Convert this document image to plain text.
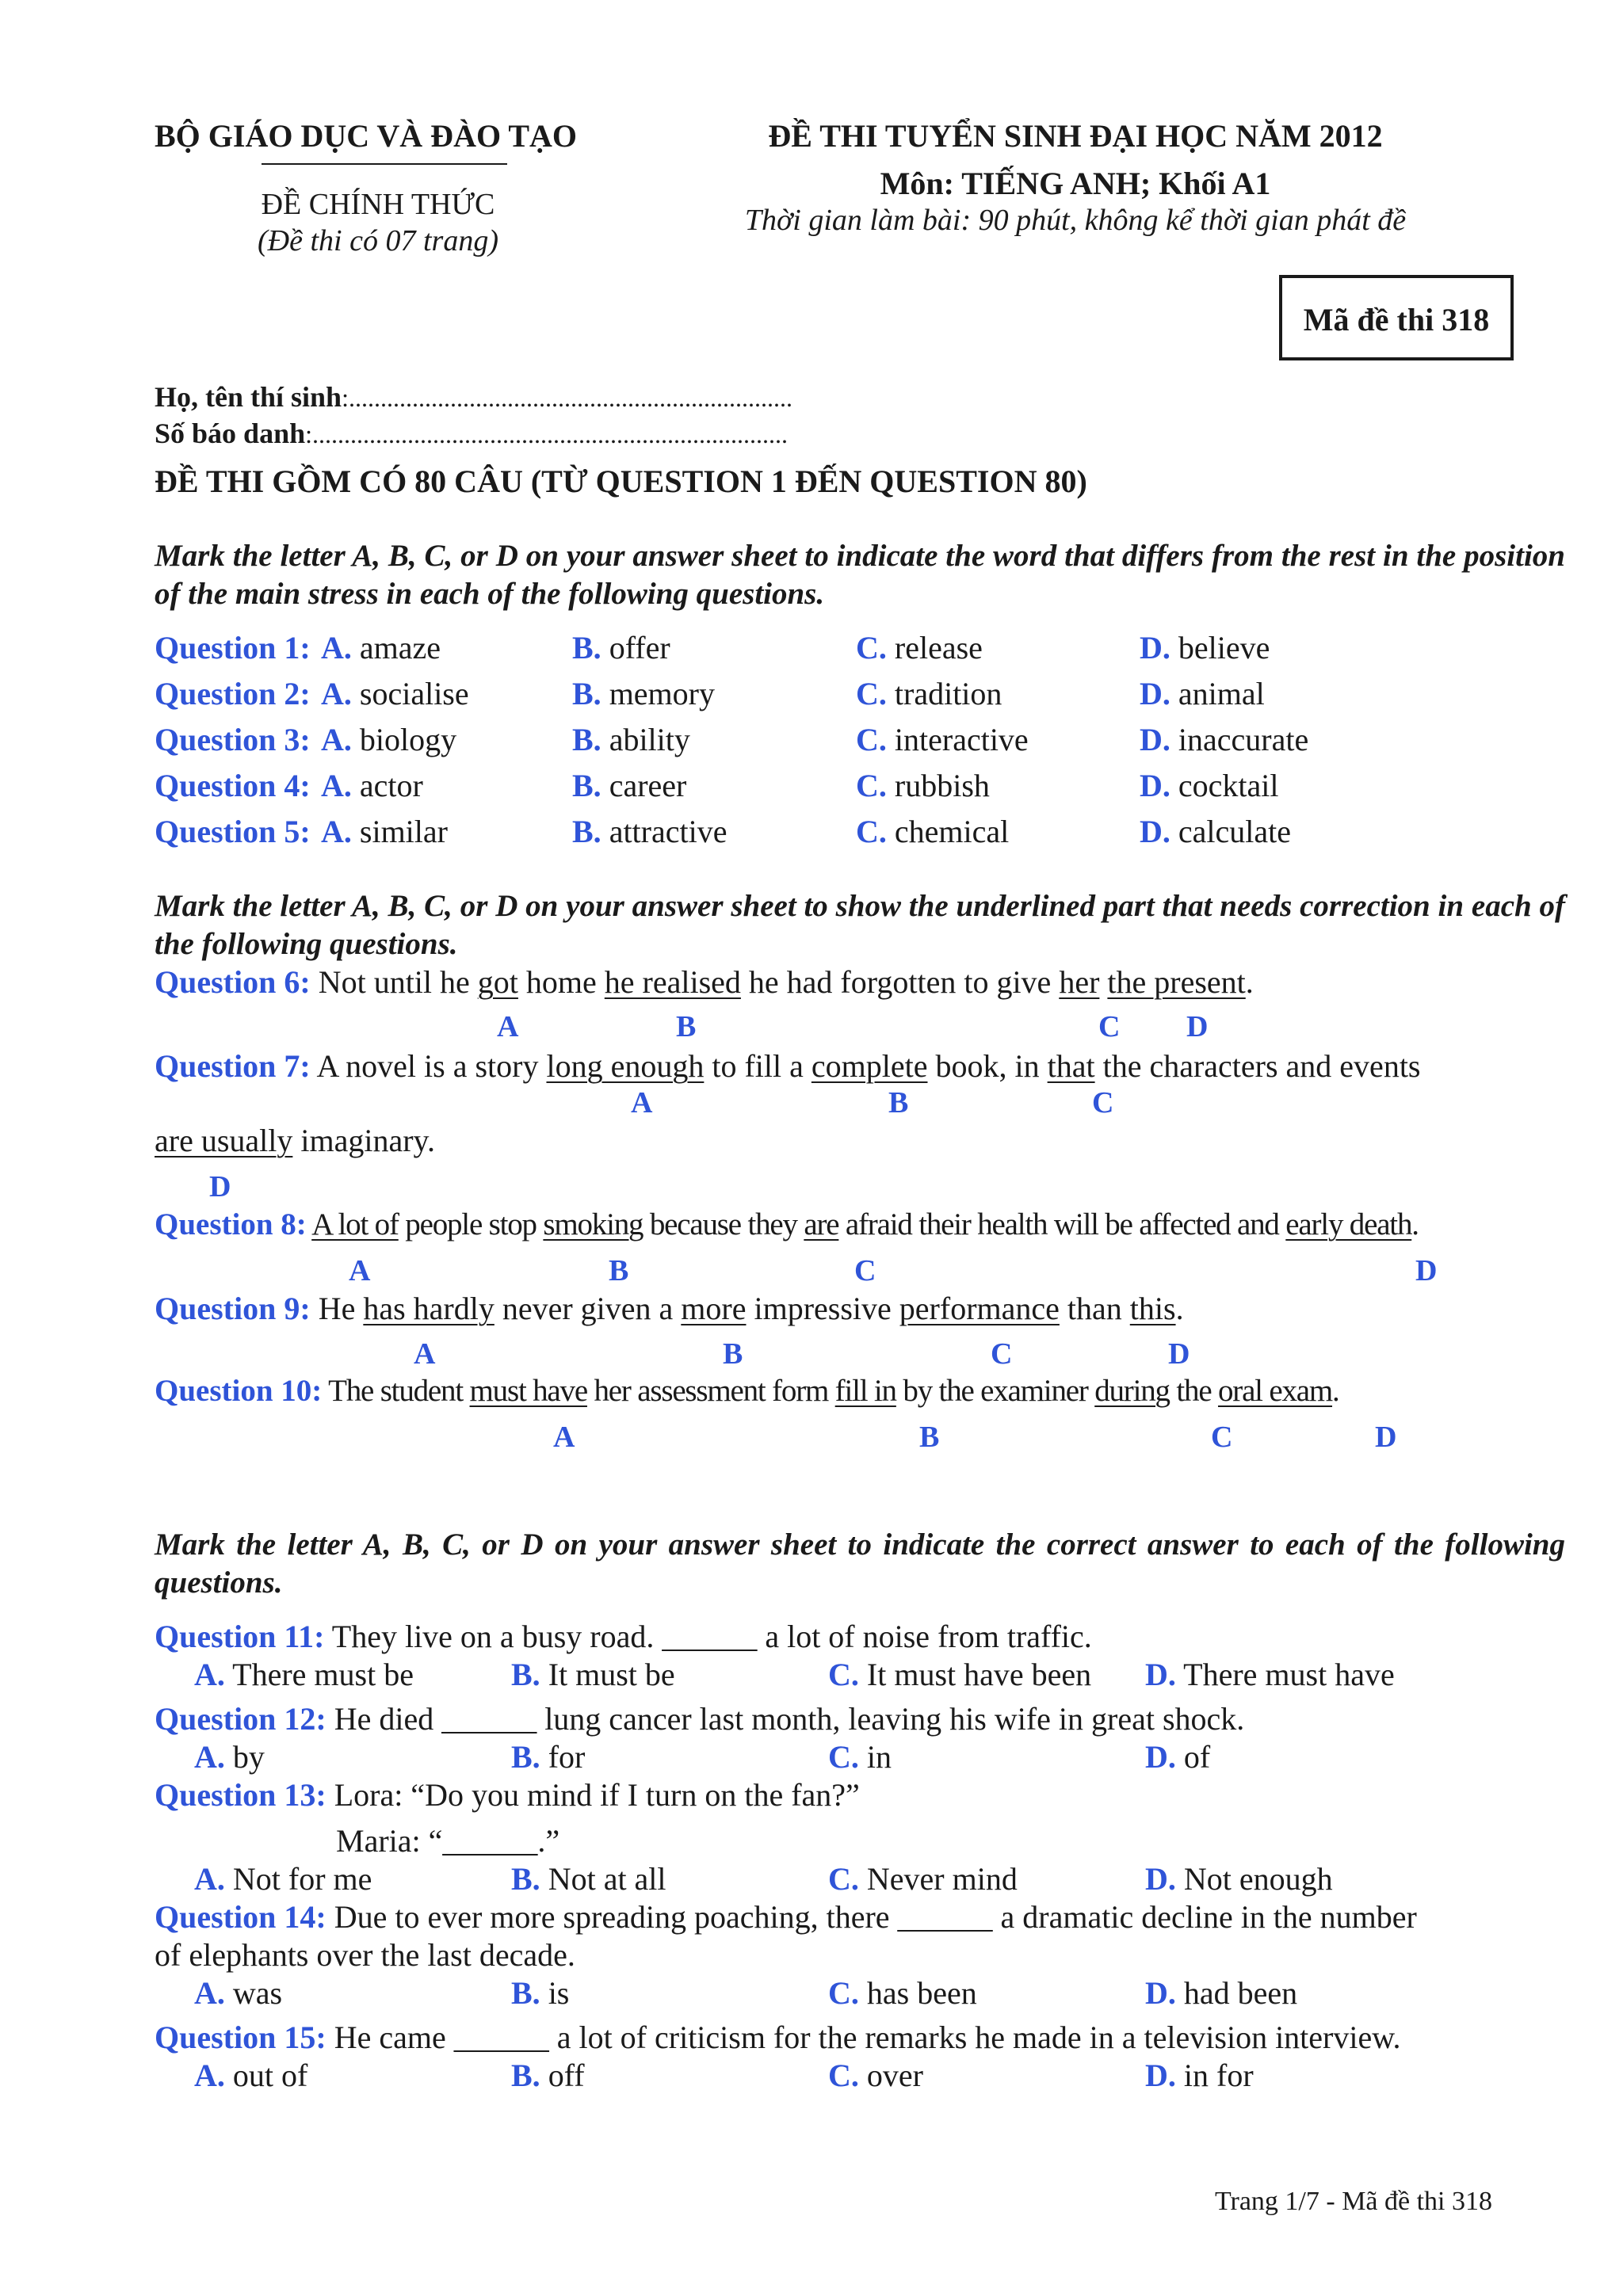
BỘ GIÁO DỤC VÀ ĐÀO TẠO
ĐỀ CHÍNH THỨC
(Đề thi có 07 trang)
ĐỀ THI TUYỂN SINH ĐẠI HỌC NĂM 2012
Môn: TIẾNG ANH; Khối A1
Thời gian làm bài: 90 phút, không kể thời gian phát đề
Mã đề thi 318
Họ, tên thí sinh:......................................................................
Số báo danh:...........................................................................
ĐỀ THI GỒM CÓ 80 CÂU (TỪ QUESTION 1 ĐẾN QUESTION 80)
Mark the letter A, B, C, or D on your answer sheet to indicate the word that differs from the rest in the position of the main stress in each of the following questions.
Question 1: A. amaze	B. offer	C. release	D. believe
Question 2: A. socialise	B. memory	C. tradition	D. animal
Question 3: A. biology	B. ability	C. interactive	D. inaccurate
Question 4: A. actor	B. career	C. rubbish	D. cocktail
Question 5: A. similar	B. attractive	C. chemical	D. calculate
Mark the letter A, B, C, or D on your answer sheet to show the underlined part that needs correction in each of the following questions.
Question 6: Not until he got home he realised he had forgotten to give her the present.
A	B	C D
Question 7: A novel is a story long enough to fill a complete book, in that the characters and events
A	B	C
are usually imaginary.
D
Question 8: A lot of people stop smoking because they are afraid their health will be affected and early death.
A	B	C	D
Question 9: He has hardly never given a more impressive performance than this.
A	B	C	D
Question 10: The student must have her assessment form fill in by the examiner during the oral exam.
A	B	C	D
Mark the letter A, B, C, or D on your answer sheet to indicate the correct answer to each of the following questions.
Question 11: They live on a busy road. ______ a lot of noise from traffic.
A. There must be	B. It must be	C. It must have been D. There must have
Question 12: He died ______ lung cancer last month, leaving his wife in great shock.
A. by	B. for	C. in	D. of
Question 13: Lora: “Do you mind if I turn on the fan?”
Maria: “______.”
A. Not for me	B. Not at all	C. Never mind	D. Not enough
Question 14: Due to ever more spreading poaching, there ______ a dramatic decline in the number
of elephants over the last decade.
A. was	B. is	C. has been	D. had been
Question 15: He came ______ a lot of criticism for the remarks he made in a television interview.
A. out of	B. off	C. over	D. in for
Trang 1/7 - Mã đề thi 318
